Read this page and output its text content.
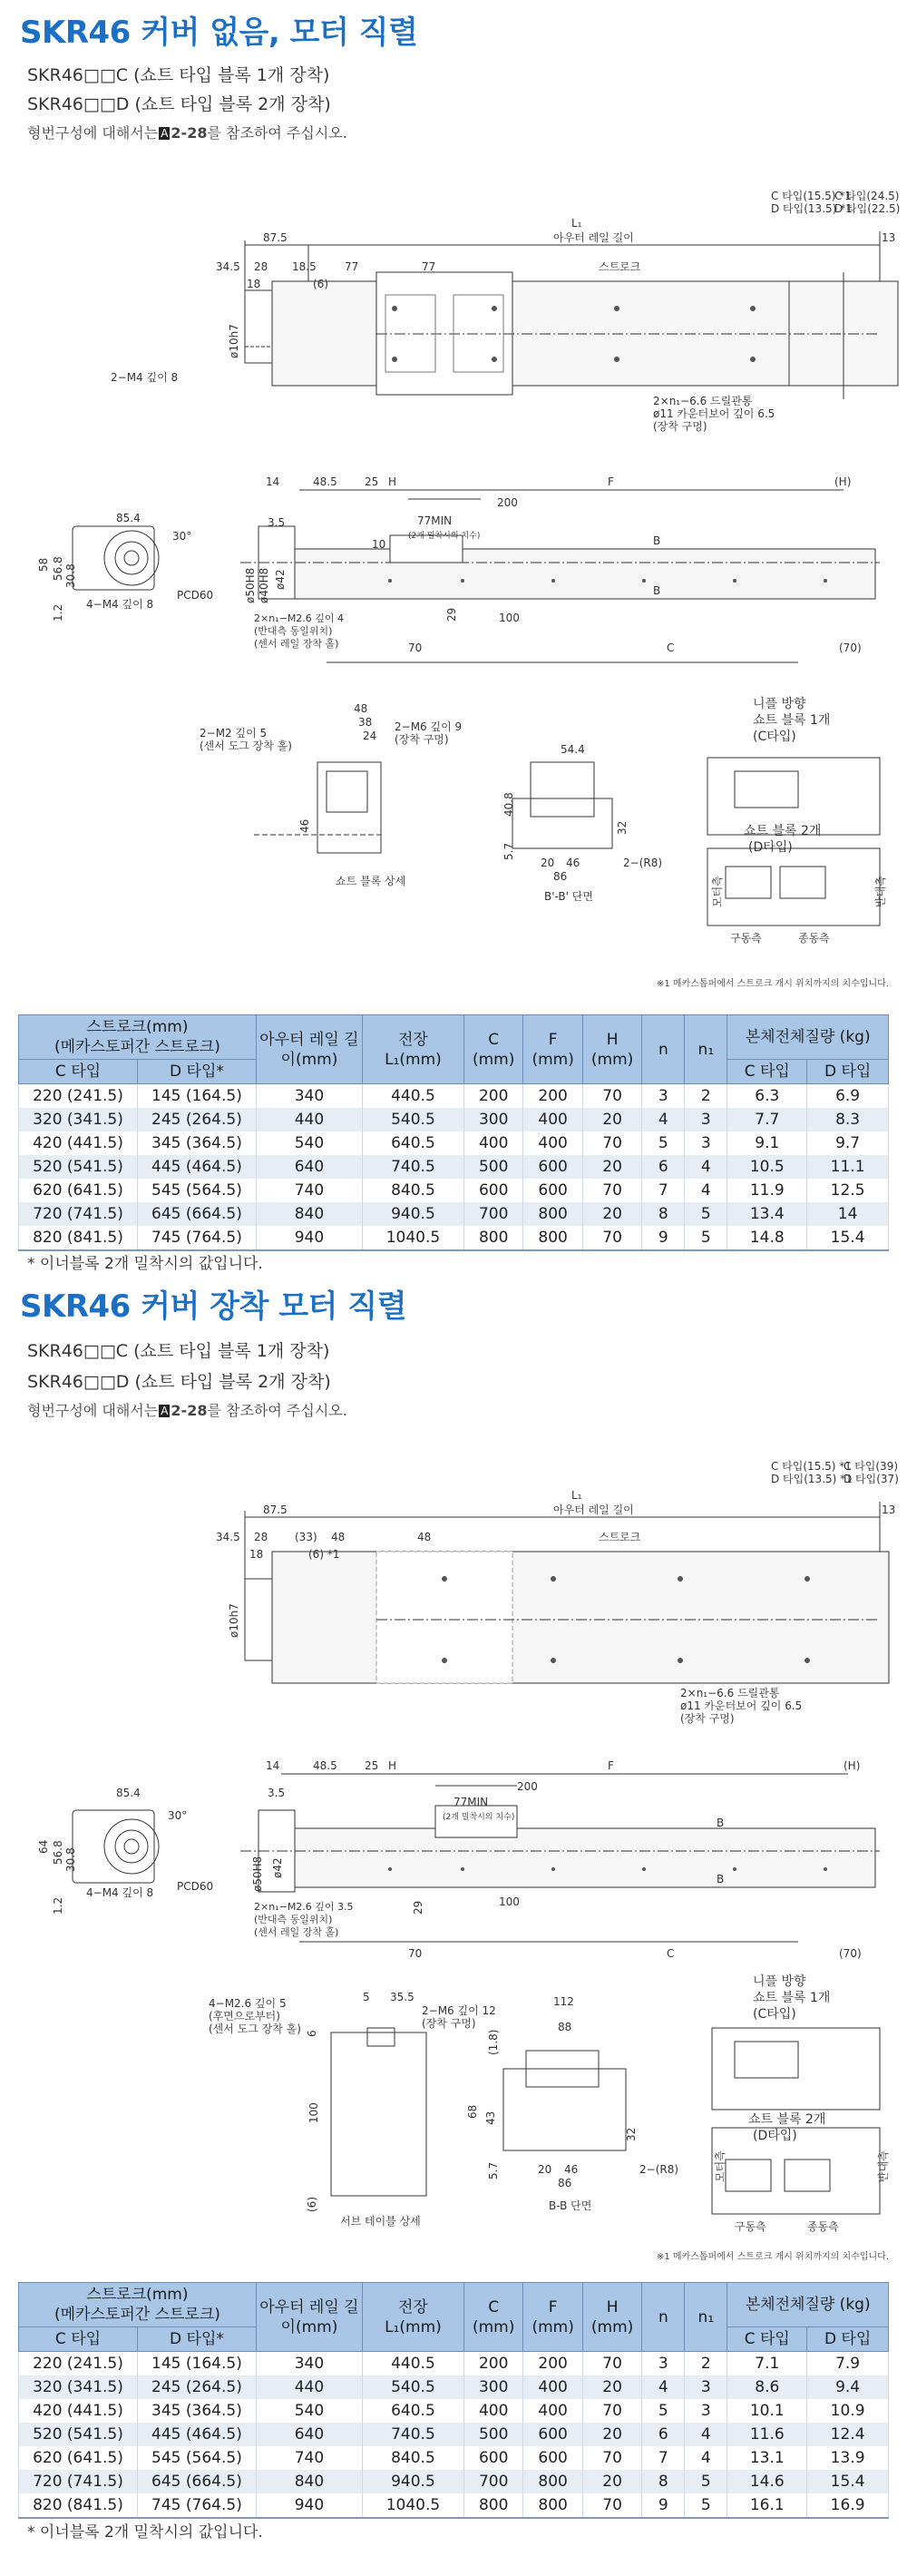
SKR46 커버 없음, 모터 직렬
SKR46□□C (쇼트 타입 블록 1개 장착)
SKR46□□D (쇼트 타입 블록 2개 장착)
형번구성에 대해서는 A 2-28를 참조하여 주십시오.
C 타입(15.5) *1
D 타입(13.5) *1
C 타입(24.5)
D 타입(22.5)
L₁
87.5	13
아우터 레일 길이
34.5 28 18.5	77	77	스트로크
18	(6)
ø10h7
2−M4 깊이 8
2×n₁−6.6 드릴관통
ø11 카운터보어 깊이 6.5
(장착 구멍)
14	48.5	25 H	F	(H)
200
3.5	77MIN
(2개 밀착시의 치수)
10	B
B
ø50H8 ø40H8 ø42
100
29
70	C	(70)
2×n₁−M2.6 깊이 4
(반대측 동일위치)
(센서 레일 장착 홀)
85.4
58 56.8 30.8
1.2 4−M4 깊이 8
PCD60
30°
48
38
24
2−M2 깊이 5
(센서 도그 장착 홀)
2−M6 깊이 9
(장착 구멍)
46
쇼트 블록 상세
54.4
40.8
5.7
20 46
32
86
2−(R8)
B'-B' 단면
니플 방향
쇼트 블록 1개
(C타입)
쇼트 블록 2개
(D타입)
모터측	반대측
구동측	종동측
※1 메카스톱퍼에서 스트로크 개시 위치까지의 치수입니다.
스트로크(mm)
(메카스토퍼간 스트로크)		아우터 레일 길이(mm)	전장
L₁(mm)	C
(mm)	F
(mm)	H
(mm)	n	n₁	본체전체질량 (kg)	
C 타입	D 타입*								C 타입	D 타입
220 (241.5)	145 (164.5)	340	440.5	200	200	70	3	2	6.3	6.9
320 (341.5)	245 (264.5)	440	540.5	300	400	20	4	3	7.7	8.3
420 (441.5)	345 (364.5)	540	640.5	400	400	70	5	3	9.1	9.7
520 (541.5)	445 (464.5)	640	740.5	500	600	20	6	4	10.5	11.1
620 (641.5)	545 (564.5)	740	840.5	600	600	70	7	4	11.9	12.5
720 (741.5)	645 (664.5)	840	940.5	700	800	20	8	5	13.4	14
820 (841.5)	745 (764.5)	940	1040.5	800	800	70	9	5	14.8	15.4
* 이너블록 2개 밀착시의 값입니다.
SKR46 커버 장착 모터 직렬
SKR46□□C (쇼트 타입 블록 1개 장착)
SKR46□□D (쇼트 타입 블록 2개 장착)
형번구성에 대해서는 A 2-28를 참조하여 주십시오.
C 타입(15.5) *1
D 타입(13.5) *1
C 타입(39)
D 타입(37)
L₁
87.5	13
아우터 레일 길이
34.5 28 (33) 48	48	스트로크
18	(6) *1
ø10h7
2×n₁−6.6 드릴관통
ø11 카운터보어 깊이 6.5
(장착 구멍)
14	48.5	25 H	F	(H)
200
3.5
77MIN
(2개 밀착시의 치수)	B
B
ø50H8 ø42
100
29
70	C	(70)
2×n₁−M2.6 깊이 3.5
(반대측 동일위치)
(센서 레일 장착 홀)
85.4
64 56.8 30.8
1.2
4−M4 깊이 8 PCD60
30°
5 35.5
4−M2.6 깊이 5
(후면으로부터)
(센서 도그 장착 홀)
2−M6 깊이 12
(장착 구멍)
6
100
(6)
서브 테이블 상세
112
88
(1.8)
68 43
5.7	20 46
32
86
2−(R8)
B-B 단면
니플 방향
쇼트 블록 1개
(C타입)
쇼트 블록 2개
(D타입)
모터측	반대측
구동측	종동측
※1 메카스톱퍼에서 스트로크 개시 위치까지의 치수입니다.
스트로크(mm)
(메카스토퍼간 스트로크)		아우터 레일 길이(mm)	전장
L₁(mm)	C
(mm)	F
(mm)	H
(mm)	n	n₁	본체전체질량 (kg)	
C 타입	D 타입*								C 타입	D 타입
220 (241.5)	145 (164.5)	340	440.5	200	200	70	3	2	7.1	7.9
320 (341.5)	245 (264.5)	440	540.5	300	400	20	4	3	8.6	9.4
420 (441.5)	345 (364.5)	540	640.5	400	400	70	5	3	10.1	10.9
520 (541.5)	445 (464.5)	640	740.5	500	600	20	6	4	11.6	12.4
620 (641.5)	545 (564.5)	740	840.5	600	600	70	7	4	13.1	13.9
720 (741.5)	645 (664.5)	840	940.5	700	800	20	8	5	14.6	15.4
820 (841.5)	745 (764.5)	940	1040.5	800	800	70	9	5	16.1	16.9
* 이너블록 2개 밀착시의 값입니다.
